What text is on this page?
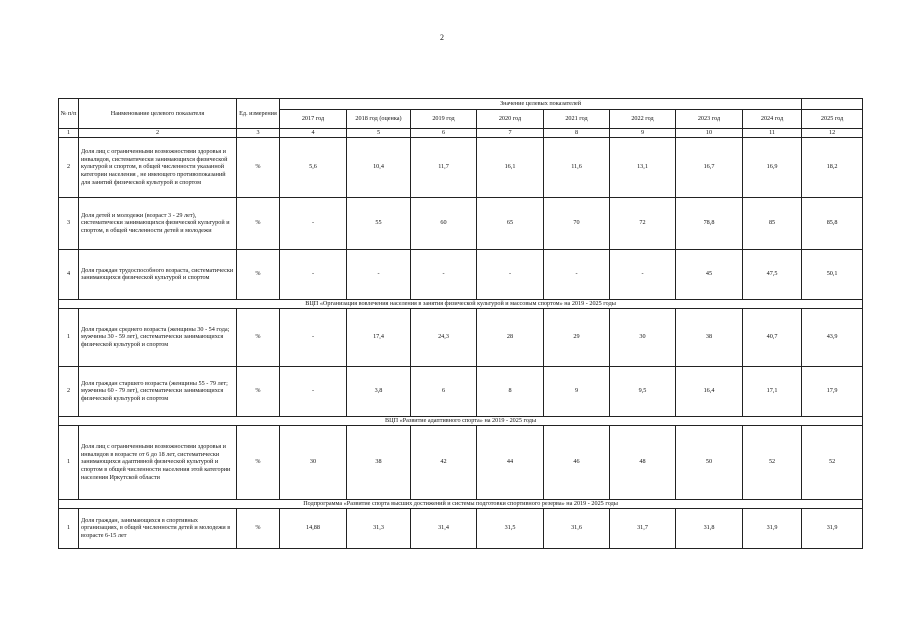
2
№ п/п	Наименование целевого показателя	Ед. измерения	Значение целевых показателей								
			2017 год	2018 год (оценка)	2019 год	2020 год	2021 год	2022 год	2023 год	2024 год	2025 год
1	2	3	4	5	6	7	8	9	10	11	12
2	Доля лиц с ограниченными возможностями здоровья и инвалидов, систематически занимающихся физической культурой и спортом, в общей численности указанной категории населения , не имеющего противопоказаний для занятий физической культурой и спортом	%	5,6	10,4	11,7	16,1	11,6	13,1	16,7	16,9	18,2
3	Доля детей и молодежи (возраст 3 - 29 лет), систематически занимающихся физической культурой и спортом, в общей численности детей и молодежи	%	-	55	60	65	70	72	78,8	85	85,8
4	Доля граждан трудоспособного возраста, систематически занимающихся физической культурой и спортом	%	-	-	-	-	-	-	45	47,5	50,1
ВЦП «Организация вовлечения населения в занятия физической культурой и массовым спортом» на 2019 - 2025 годы											
1	Доля граждан среднего возраста (женщины 30 - 54 года; мужчины 30 - 59 лет), систематически занимающихся физической культурой и спортом	%	-	17,4	24,3	28	29	30	38	40,7	43,9
2	Доля граждан старшего возраста (женщины 55 - 79 лет; мужчины 60 - 79 лет), систематически занимающихся физической культурой и спортом	%	-	3,8	6	8	9	9,5	16,4	17,1	17,9
ВЦП «Развитие адаптивного спорта» на 2019 - 2025 годы											
1	Доля лиц с ограниченными возможностями здоровья и инвалидов в возрасте от 6 до 18 лет, систематически занимающихся адаптивной физической культурой и спортом в общей численности населения этой категории населения Иркутской области	%	30	38	42	44	46	48	50	52	52
Подпрограмма «Развитие спорта высших достижений и системы подготовки спортивного резерва» на 2019 - 2025 годы											
1	Доля граждан, занимающихся в спортивных организациях, в общей численности детей и молодежи в возрасте 6-15 лет	%	14,88	31,3	31,4	31,5	31,6	31,7	31,8	31,9	31,9
